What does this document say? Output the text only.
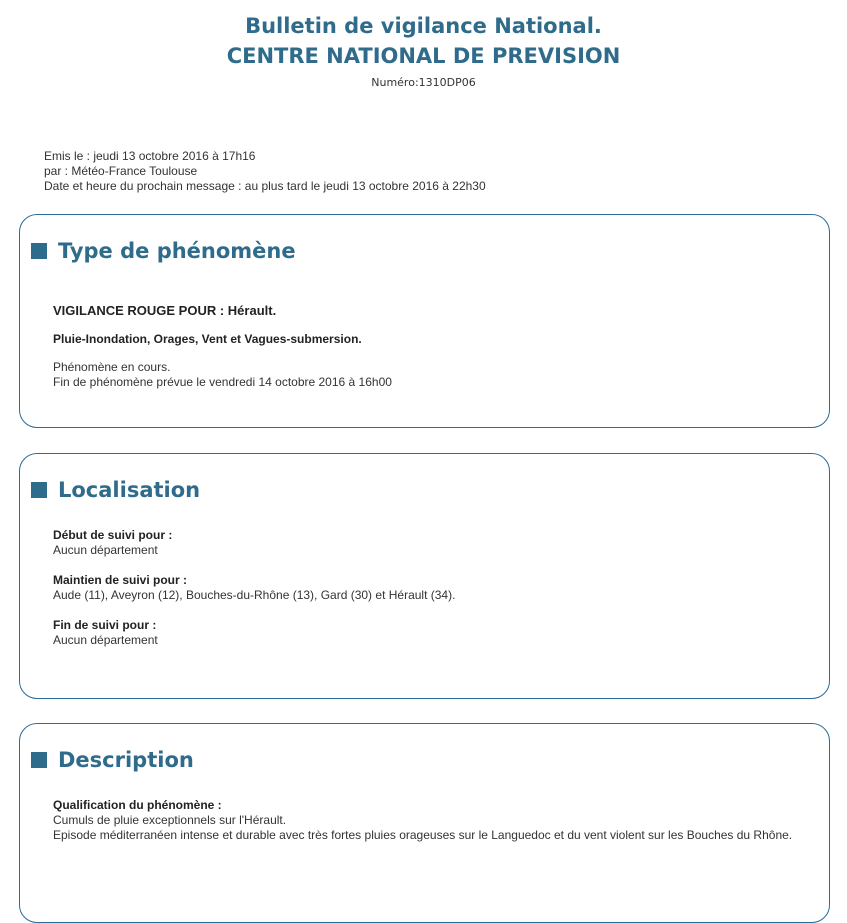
Bulletin de vigilance National.
CENTRE NATIONAL DE PREVISION
Numéro:1310DP06
Emis le : jeudi 13 octobre 2016 à 17h16
par : Météo-France Toulouse
Date et heure du prochain message : au plus tard le jeudi 13 octobre 2016 à 22h30
Type de phénomène
VIGILANCE ROUGE POUR : Hérault.
Pluie-Inondation, Orages, Vent et Vagues-submersion.
Phénomène en cours.
Fin de phénomène prévue le vendredi 14 octobre 2016 à 16h00
Localisation
Début de suivi pour :
Aucun département
Maintien de suivi pour :
Aude (11), Aveyron (12), Bouches-du-Rhône (13), Gard (30) et Hérault (34).
Fin de suivi pour :
Aucun département
Description
Qualification du phénomène :
Cumuls de pluie exceptionnels sur l'Hérault.
Episode méditerranéen intense et durable avec très fortes pluies orageuses sur le Languedoc et du vent violent sur les Bouches du Rhône.
